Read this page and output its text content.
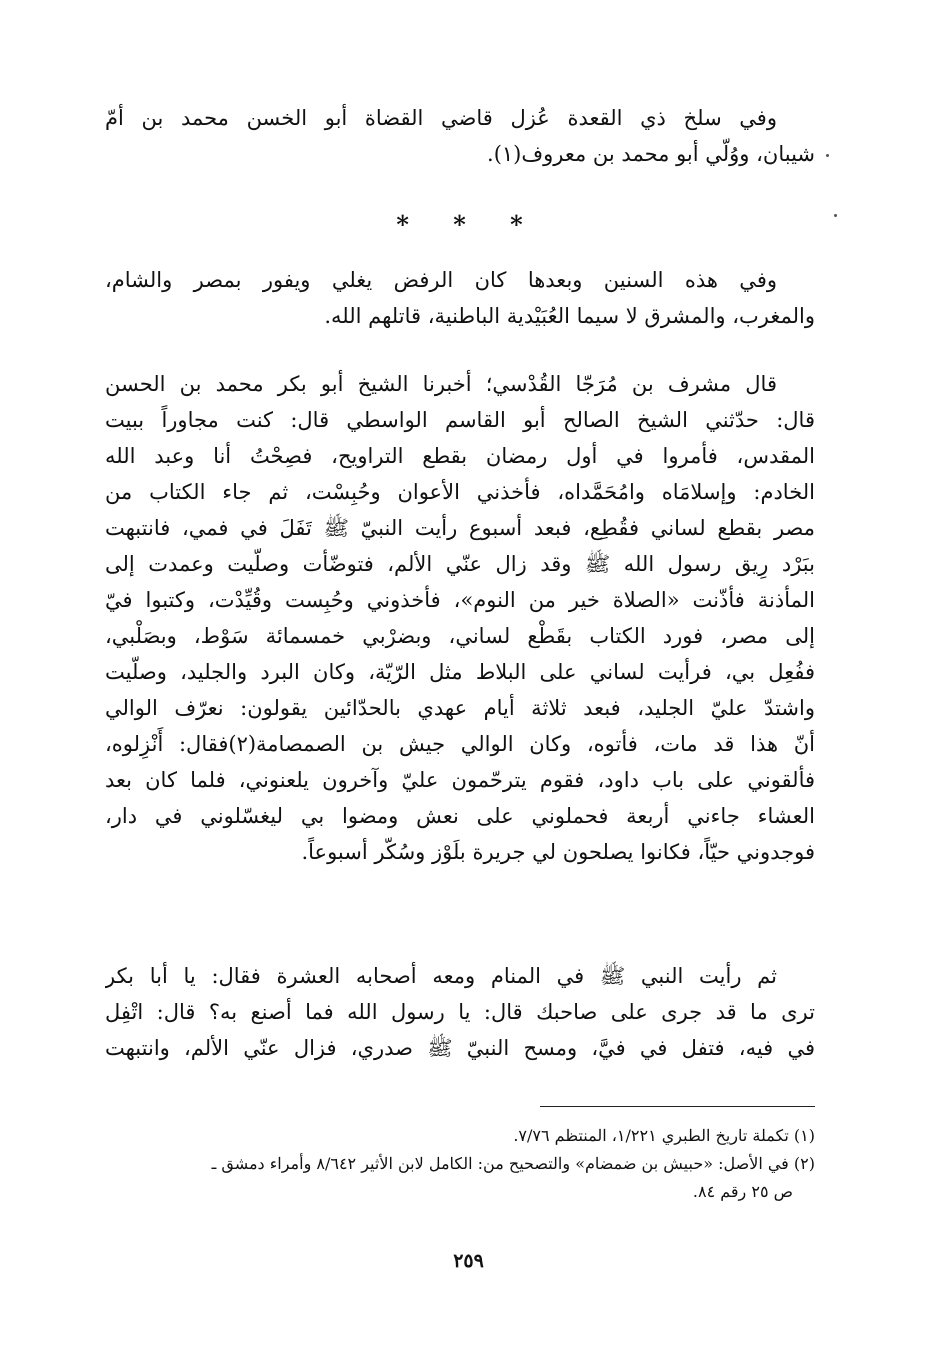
وفي سلخ ذي القعدة عُزل قاضي القضاة أبو الخسن محمد بن أمّ
شيبان، ووُلّي أبو محمد بن معروف(١).
* * *
وفي هذه السنين وبعدها كان الرفض يغلي ويفور بمصر والشام،
والمغرب، والمشرق لا سيما العُبَيْدية الباطنية، قاتلهم الله.
قال مشرف بن مُرَجّا القُدْسي؛ أخبرنا الشيخ أبو بكر محمد بن الحسن
قال: حدّثني الشيخ الصالح أبو القاسم الواسطي قال: كنت مجاوراً ببيت
المقدس، فأمروا في أول رمضان بقطع التراويح، فصِحْتُ أنا وعبد الله
الخادم: وإسلامَاه وامُحَمَّداه، فأخذني الأعوان وحُبِسْت، ثم جاء الكتاب من
مصر بقطع لساني فقُطِع، فبعد أسبوع رأيت النبيّ ﷺ تَفَلَ في فمي، فانتبهت
ببَرْد رِيق رسول الله ﷺ وقد زال عنّي الألم، فتوضّأت وصلّيت وعمدت إلى
المأذنة فأذّنت «الصلاة خير من النوم»، فأخذوني وحُبِست وقُيِّدْت، وكتبوا فيّ
إلى مصر، فورد الكتاب بقَطْع لساني، وبضرْبي خمسمائة سَوْط، وبصَلْبي،
ففُعِل بي، فرأيت لساني على البلاط مثل الرّيّة، وكان البرد والجليد، وصلّيت
واشتدّ عليّ الجليد، فبعد ثلاثة أيام عهدي بالحدّائين يقولون: نعرّف الوالي
أنّ هذا قد مات، فأتوه، وكان الوالي جيش بن الصمصامة(٢)فقال: أَنْزِلوه،
فألقوني على باب داود، فقوم يترحّمون عليّ وآخرون يلعنوني، فلما كان بعد
العشاء جاءني أربعة فحملوني على نعش ومضوا بي ليغسّلوني في دار،
فوجدوني حيّاً، فكانوا يصلحون لي جريرة بلَوْز وسُكّر أسبوعاً.
ثم رأيت النبي ﷺ في المنام ومعه أصحابه العشرة فقال: يا أبا بكر
ترى ما قد جرى على صاحبك قال: يا رسول الله فما أصنع به؟ قال: اتْفِل
في فيه، فتفل في فيَّ، ومسح النبيّ ﷺ صدري، فزال عنّي الألم، وانتبهت
(١) تكملة تاريخ الطبري ١/٢٢١، المنتظم ٧/٧٦.
(٢) في الأصل: «حبيش بن ضمضام» والتصحيح من: الكامل لابن الأثير ٨/٦٤٢ وأمراء دمشق ـ
ص ٢٥ رقم ٨٤.
٢٥٩
